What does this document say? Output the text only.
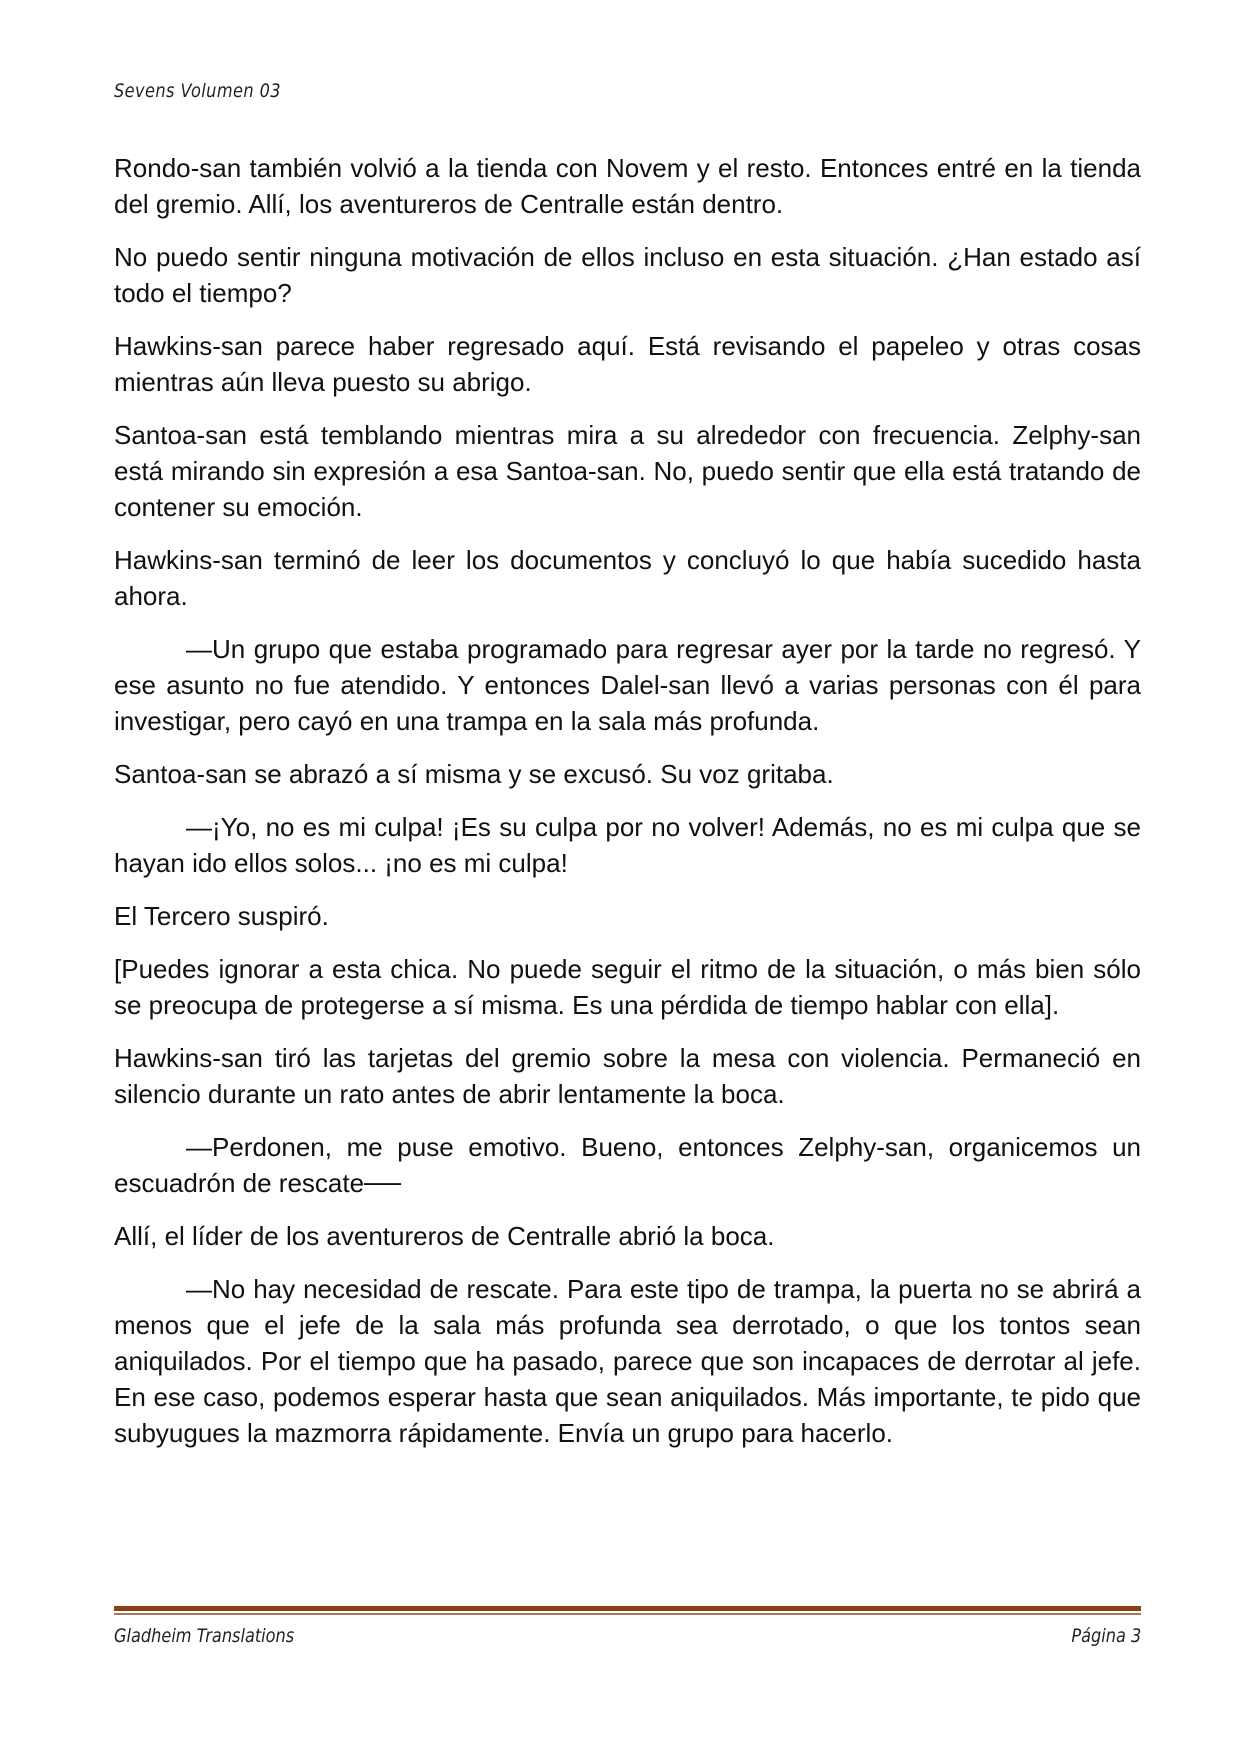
Sevens Volumen 03

Rondo-san también volvió a la tienda con Novem y el resto. Entonces entré en la tienda del gremio. Allí, los aventureros de Centralle están dentro.

No puedo sentir ninguna motivación de ellos incluso en esta situación. ¿Han estado así todo el tiempo?

Hawkins-san parece haber regresado aquí. Está revisando el papeleo y otras cosas mientras aún lleva puesto su abrigo.

Santoa-san está temblando mientras mira a su alrededor con frecuencia. Zelphy-san está mirando sin expresión a esa Santoa-san. No, puedo sentir que ella está tratando de contener su emoción.

Hawkins-san terminó de leer los documentos y concluyó lo que había sucedido hasta ahora.

—Un grupo que estaba programado para regresar ayer por la tarde no regresó. Y ese asunto no fue atendido. Y entonces Dalel-san llevó a varias personas con él para investigar, pero cayó en una trampa en la sala más profunda.

Santoa-san se abrazó a sí misma y se excusó. Su voz gritaba.

—¡Yo, no es mi culpa! ¡Es su culpa por no volver! Además, no es mi culpa que se hayan ido ellos solos... ¡no es mi culpa!

El Tercero suspiró.

[Puedes ignorar a esta chica. No puede seguir el ritmo de la situación, o más bien sólo se preocupa de protegerse a sí misma. Es una pérdida de tiempo hablar con ella].

Hawkins-san tiró las tarjetas del gremio sobre la mesa con violencia. Permaneció en silencio durante un rato antes de abrir lentamente la boca.

—Perdonen, me puse emotivo. Bueno, entonces Zelphy-san, organicemos un escuadrón de rescate──

Allí, el líder de los aventureros de Centralle abrió la boca.

—No hay necesidad de rescate. Para este tipo de trampa, la puerta no se abrirá a menos que el jefe de la sala más profunda sea derrotado, o que los tontos sean aniquilados. Por el tiempo que ha pasado, parece que son incapaces de derrotar al jefe. En ese caso, podemos esperar hasta que sean aniquilados. Más importante, te pido que subyugues la mazmorra rápidamente. Envía un grupo para hacerlo.

Gladheim Translations	Página 3
